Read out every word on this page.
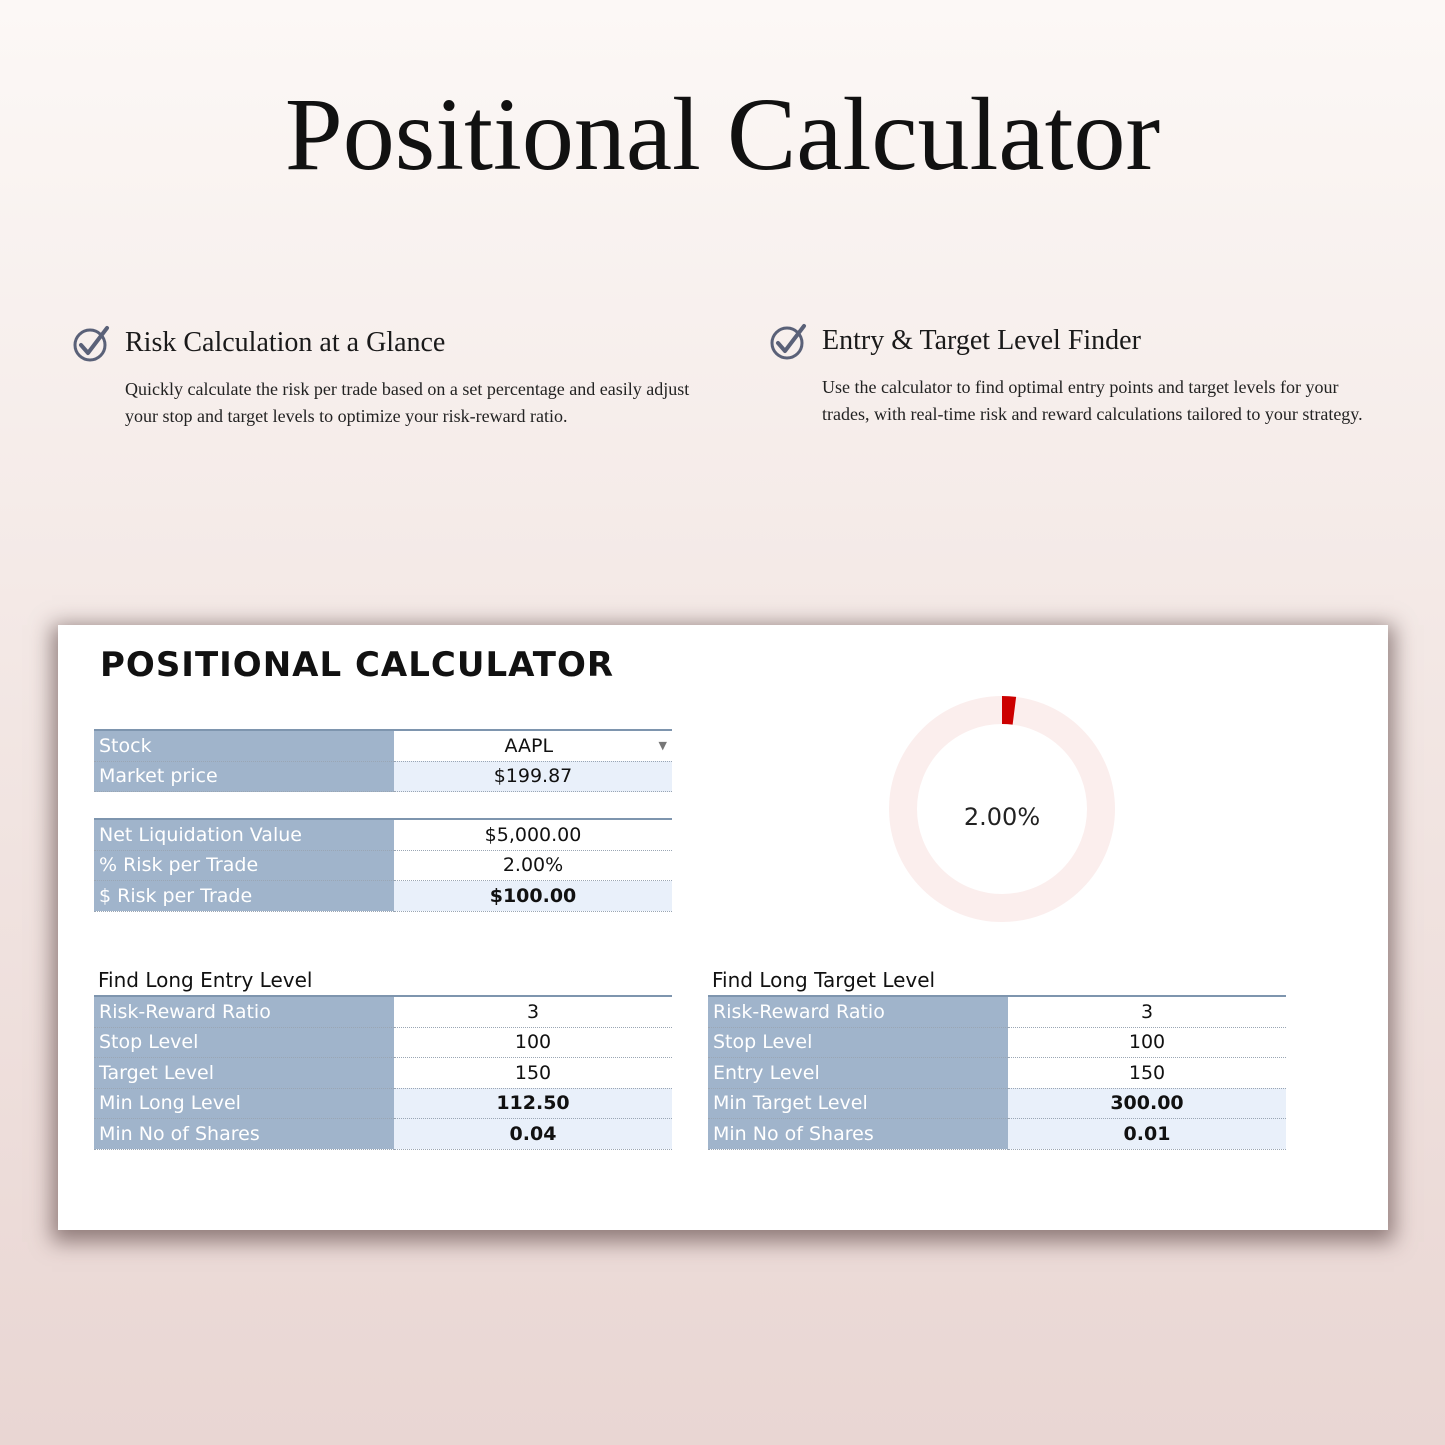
Positional Calculator
Risk Calculation at a Glance
Quickly calculate the risk per trade based on a set percentage and easily adjust your stop and target levels to optimize your risk-reward ratio.
Entry & Target Level Finder
Use the calculator to find optimal entry points and target levels for your trades, with real-time risk and reward calculations tailored to your strategy.
POSITIONAL CALCULATOR
Stock	AAPL ▼

Market price	$199.87
Net Liquidation Value	$5,000.00
% Risk per Trade	2.00%
$ Risk per Trade	$100.00
2.00%
Find Long Entry Level
Risk-Reward Ratio	3
Stop Level	100
Target Level	150
Min Long Level	112.50
Min No of Shares	0.04
Find Long Target Level
Risk-Reward Ratio	3
Stop Level	100
Entry Level	150
Min Target Level	300.00
Min No of Shares	0.01
